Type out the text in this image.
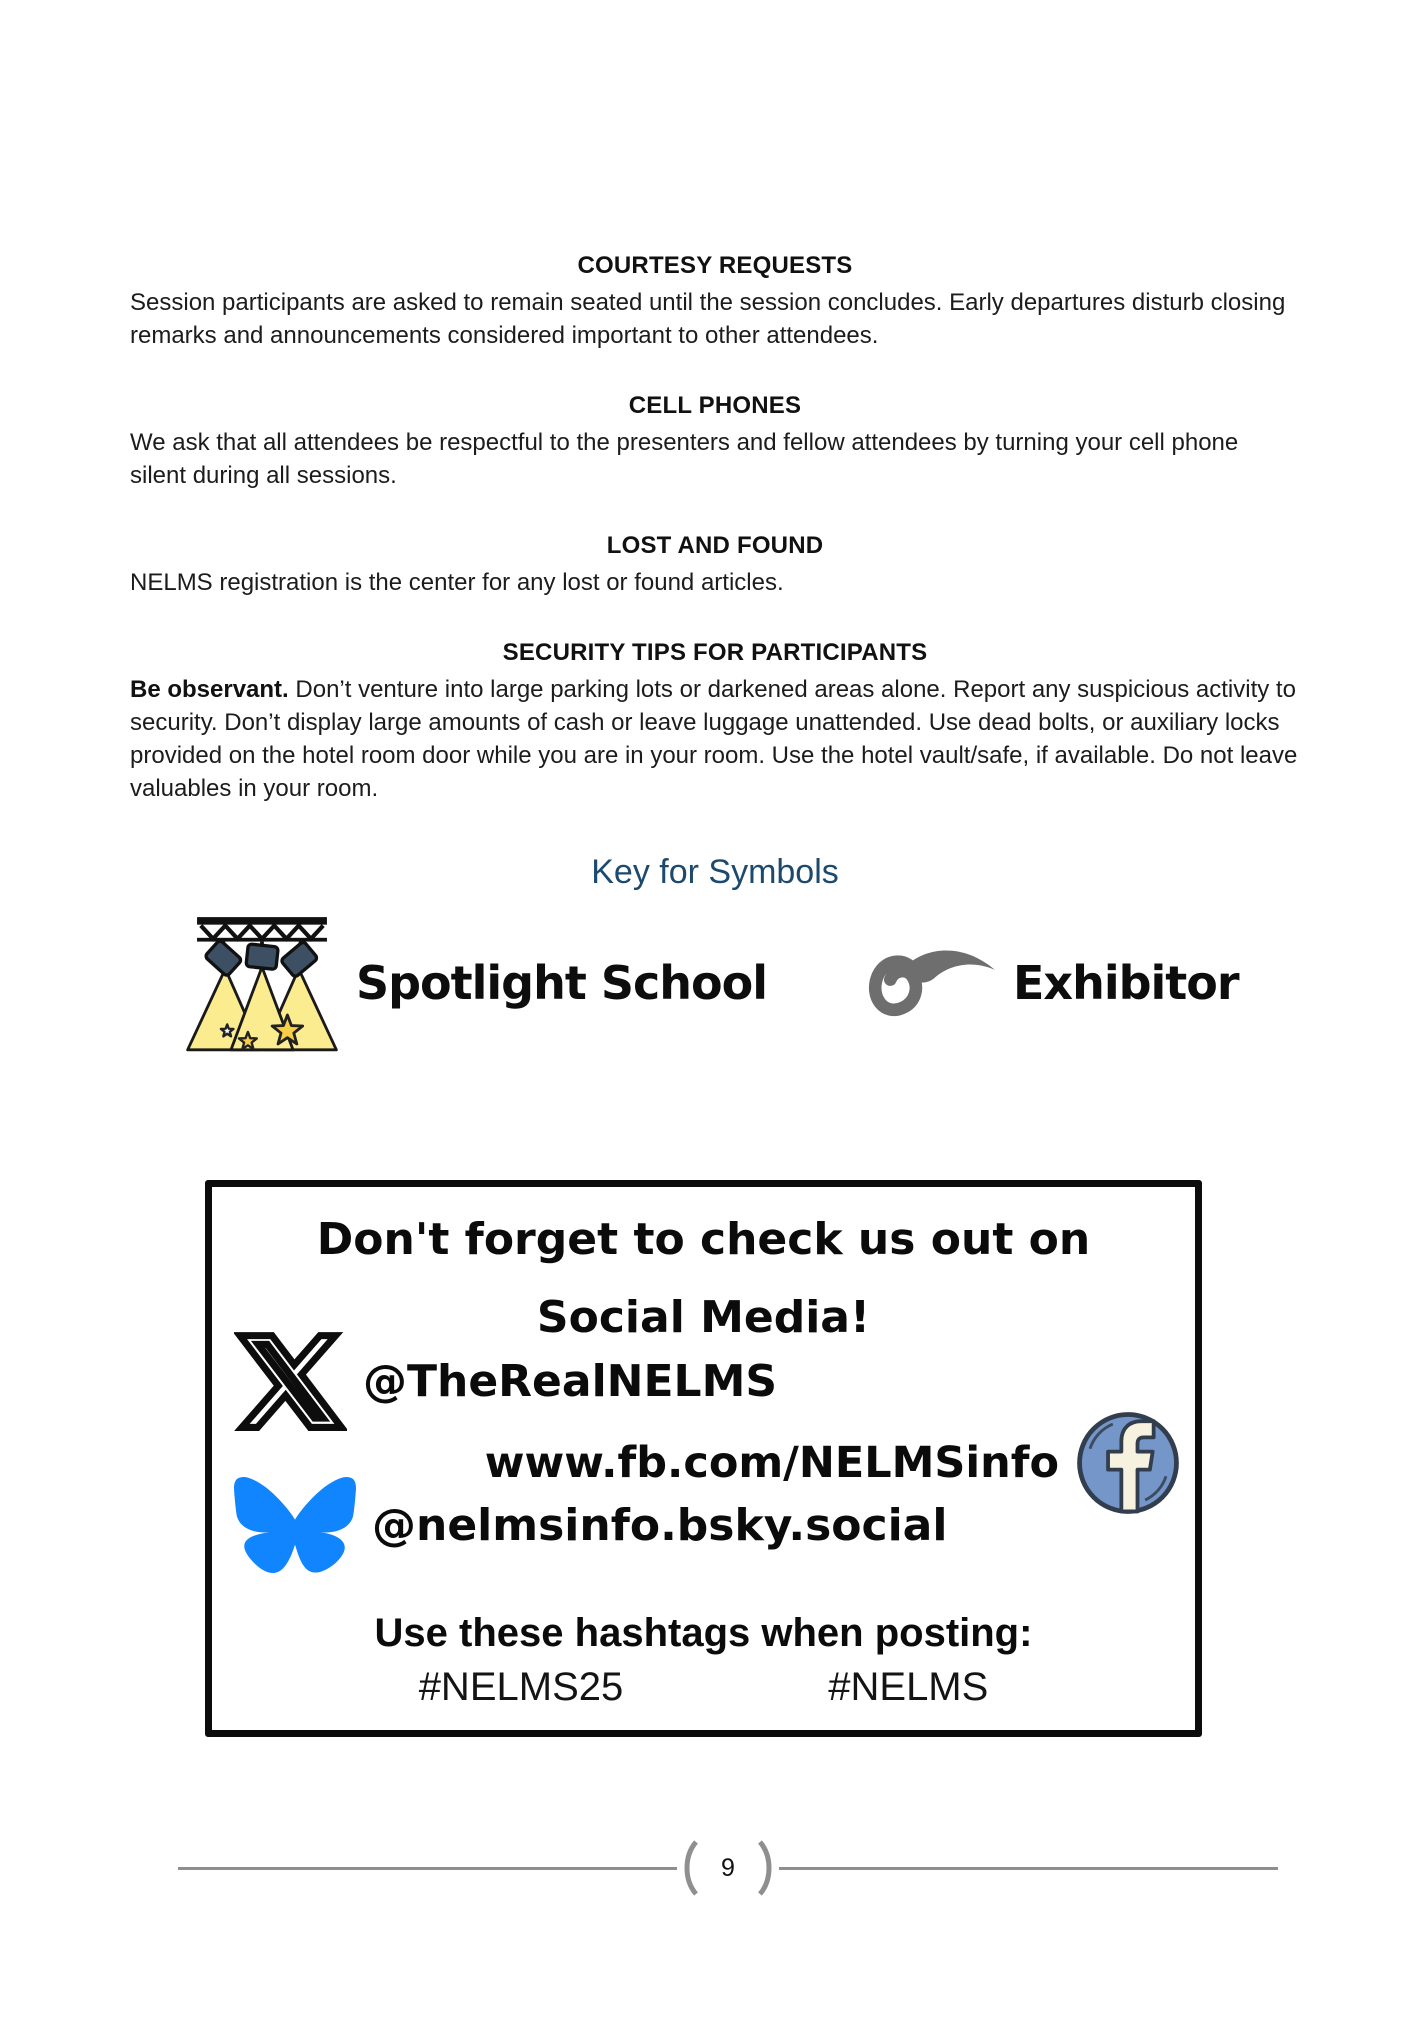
COURTESY REQUESTS

Session participants are asked to remain seated until the session concludes. Early departures disturb closing remarks and announcements considered important to other attendees.

CELL PHONES

We ask that all attendees be respectful to the presenters and fellow attendees by turning your cell phone silent during all sessions.

LOST AND FOUND

NELMS registration is the center for any lost or found articles.

SECURITY TIPS FOR PARTICIPANTS

Be observant. Don’t venture into large parking lots or darkened areas alone. Report any suspicious activity to security. Don’t display large amounts of cash or leave luggage unattended. Use dead bolts, or auxiliary locks provided on the hotel room door while you are in your room. Use the hotel vault/safe, if available. Do not leave valuables in your room.

Key for Symbols
Spotlight School	Exhibitor
Don't forget to check us out on
Social Media!
@TheRealNELMS
www.fb.com/NELMSinfo
@nelmsinfo.bsky.social
Use these hashtags when posting:
#NELMS25	#NELMS
9
